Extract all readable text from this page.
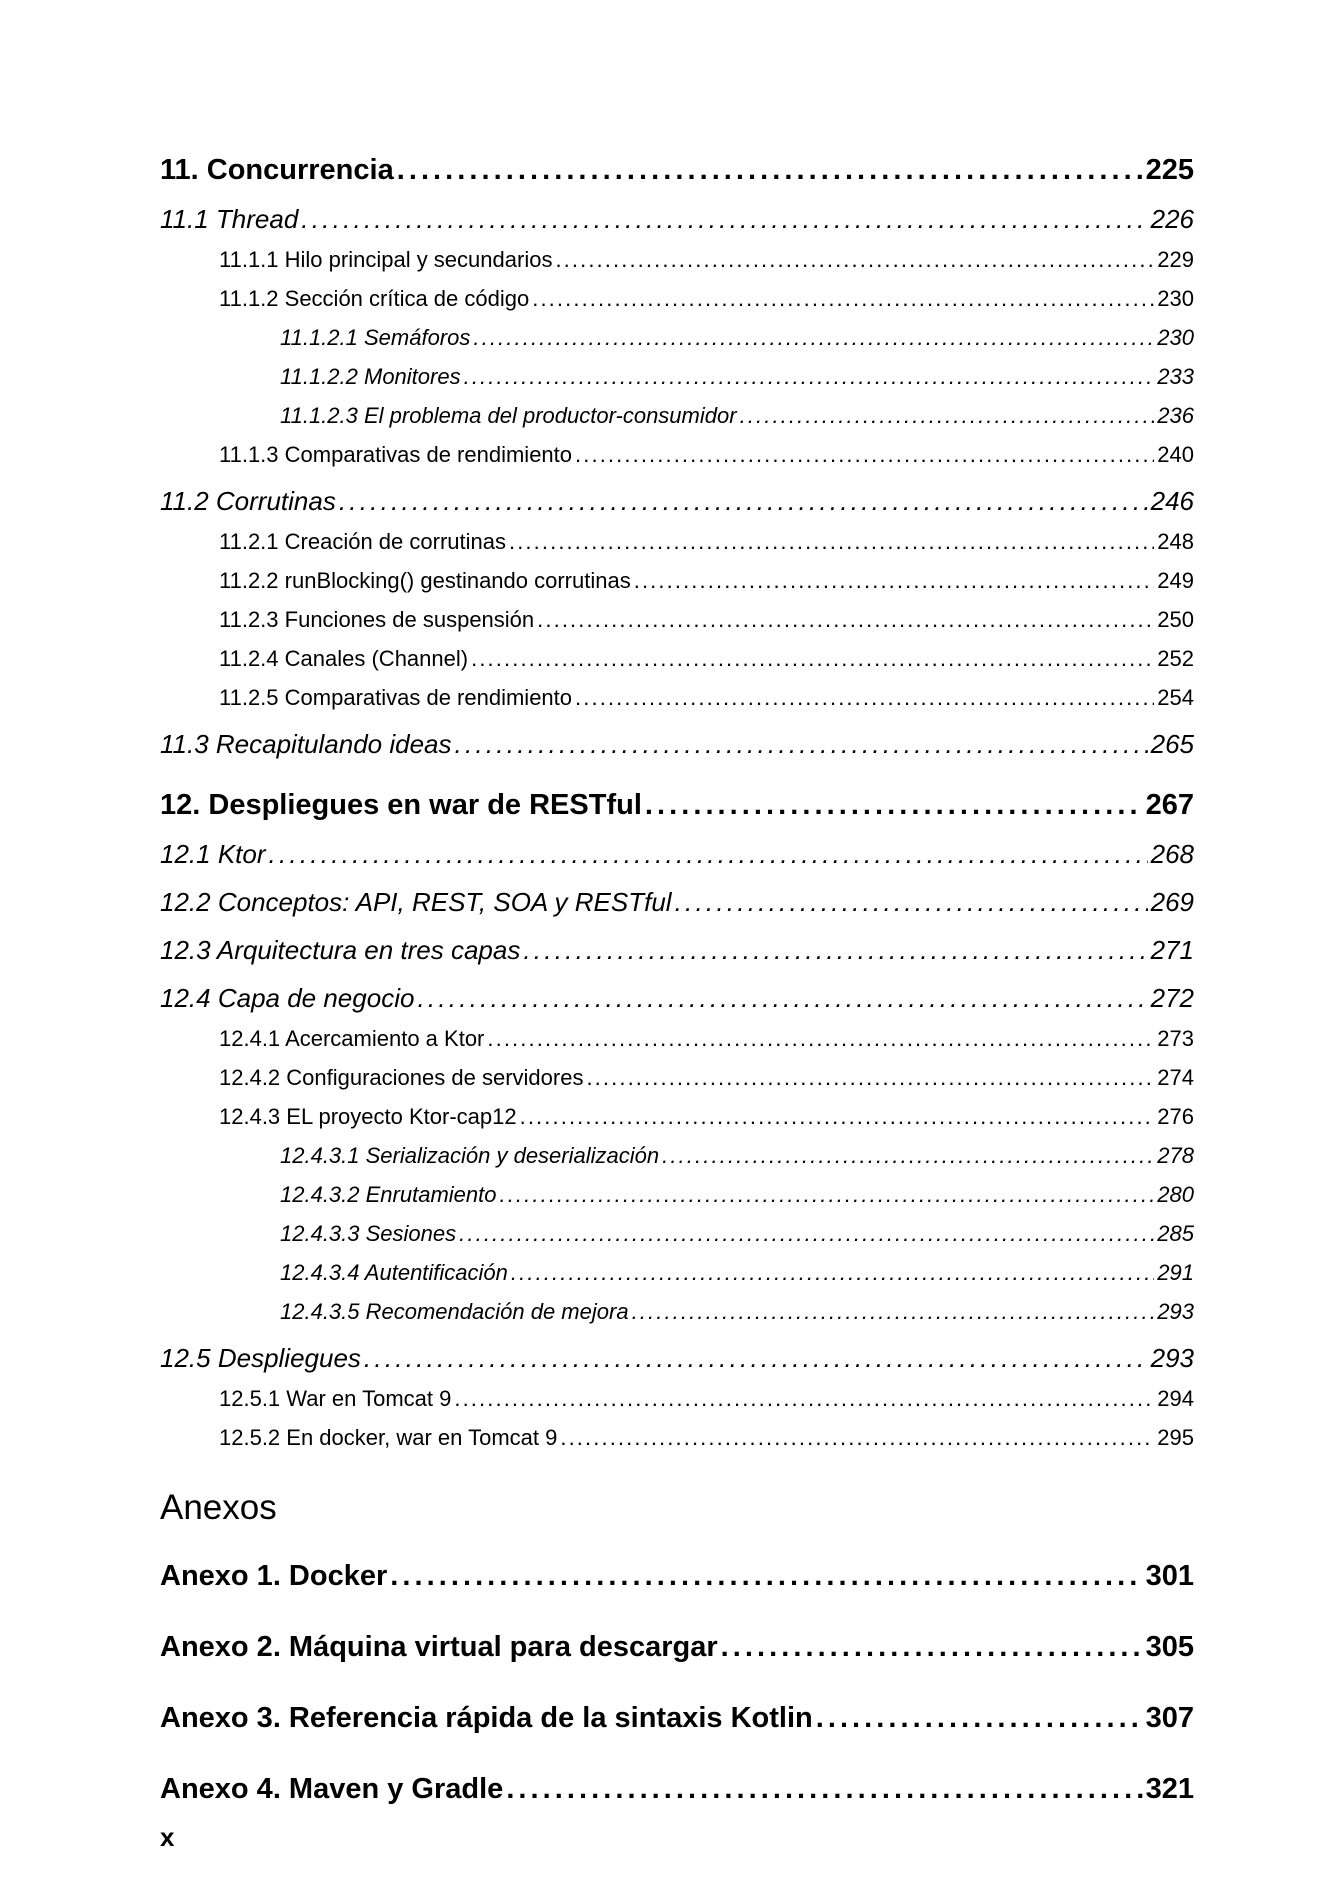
11. Concurrencia . . .	225
11.1 Thread . . .	226
11.1.1 Hilo principal y secundarios . . .	229
11.1.2 Sección crítica de código . . .	230
11.1.2.1 Semáforos . . .	230
11.1.2.2 Monitores . . .	233
11.1.2.3 El problema del productor-consumidor . . .	236
11.1.3 Comparativas de rendimiento . . .	240
11.2 Corrutinas . . .	246
11.2.1 Creación de corrutinas . . .	248
11.2.2 runBlocking() gestinando corrutinas . . .	249
11.2.3 Funciones de suspensión . . .	250
11.2.4 Canales (Channel) . . .	252
11.2.5 Comparativas de rendimiento . . .	254
11.3 Recapitulando ideas . . .	265
12. Despliegues en war de RESTful . . .	267
12.1 Ktor . . .	268
12.2 Conceptos: API, REST, SOA y RESTful . . .	269
12.3 Arquitectura en tres capas . . .	271
12.4 Capa de negocio . . .	272
12.4.1 Acercamiento a Ktor . . .	273
12.4.2 Configuraciones de servidores . . .	274
12.4.3 EL proyecto Ktor-cap12 . . .	276
12.4.3.1 Serialización y deserialización . . .	278
12.4.3.2 Enrutamiento . . .	280
12.4.3.3 Sesiones . . .	285
12.4.3.4 Autentificación . . .	291
12.4.3.5 Recomendación de mejora . . .	293
12.5 Despliegues . . .	293
12.5.1 War en Tomcat 9 . . .	294
12.5.2 En docker, war en Tomcat 9 . . .	295
Anexos
Anexo 1. Docker . . .	301
Anexo 2. Máquina virtual para descargar . . .	305
Anexo 3. Referencia rápida de la sintaxis Kotlin . . .	307
Anexo 4. Maven y Gradle . . .	321
x
